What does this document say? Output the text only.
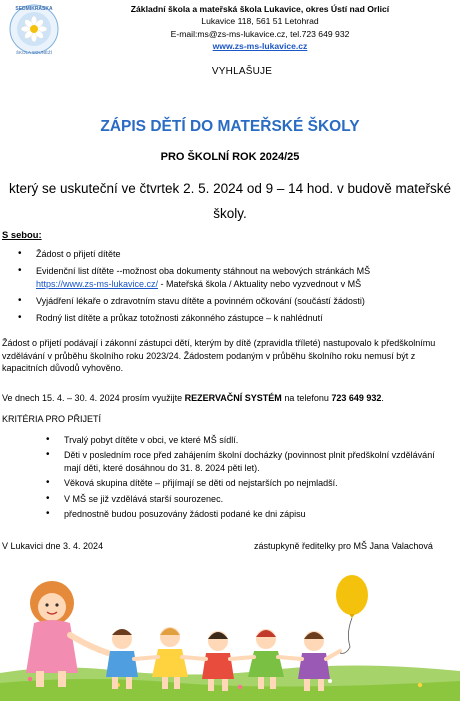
SEDMIKRÁSKA
ŠKOLA SOUNĚŽÍ
Základní škola a mateřská škola Lukavice, okres Ústí nad Orlicí
Lukavice 118, 561 51 Letohrad
E-mail:ms@zs-ms-lukavice.cz, tel.723 649 932
www.zs-ms-lukavice.cz
VYHLAŠUJE
ZÁPIS DĚTÍ DO MATEŘSKÉ ŠKOLY
PRO ŠKOLNÍ ROK 2024/25
který se uskuteční ve čtvrtek 2. 5. 2024 od 9 – 14 hod. v budově mateřské školy.
S sebou:
• Žádost o přijetí dítěte
• Evidenční list dítěte --možnost oba dokumenty stáhnout na webových stránkách MŠ
https://www.zs-ms-lukavice.cz/ - Mateřská škola / Aktuality nebo vyzvednout v MŠ
• Vyjádření lékaře o zdravotním stavu dítěte a povinném očkování (součástí žádosti)
• Rodný list dítěte a průkaz totožnosti zákonného zástupce – k nahlédnutí
Žádost o přijetí podávají i zákonní zástupci dětí, kterým by dítě (zpravidla tříleté) nastupovalo k předškolnímu vzdělávání v průběhu školního roku 2023/24. Žádostem podaným v průběhu školního roku nemusí být z kapacitních důvodů vyhověno.
Ve dnech 15. 4. – 30. 4. 2024 prosím využijte REZERVAČNÍ SYSTÉM na telefonu 723 649 932.
KRITÉRIA PRO PŘIJETÍ
• Trvalý pobyt dítěte v obci, ve které MŠ sídlí.
• Děti v posledním roce před zahájením školní docházky (povinnost plnit předškolní vzdělávání mají děti, které dosáhnou do 31. 8. 2024 pěti let).
• Věková skupina dítěte – přijímají se děti od nejstarších po nejmladší.
• V MŠ se již vzdělává starší sourozenec.
• přednostně budou posuzovány žádosti podané ke dni zápisu
V Lukavici dne 3. 4. 2024	zástupkyně ředitelky pro MŠ Jana Valachová
